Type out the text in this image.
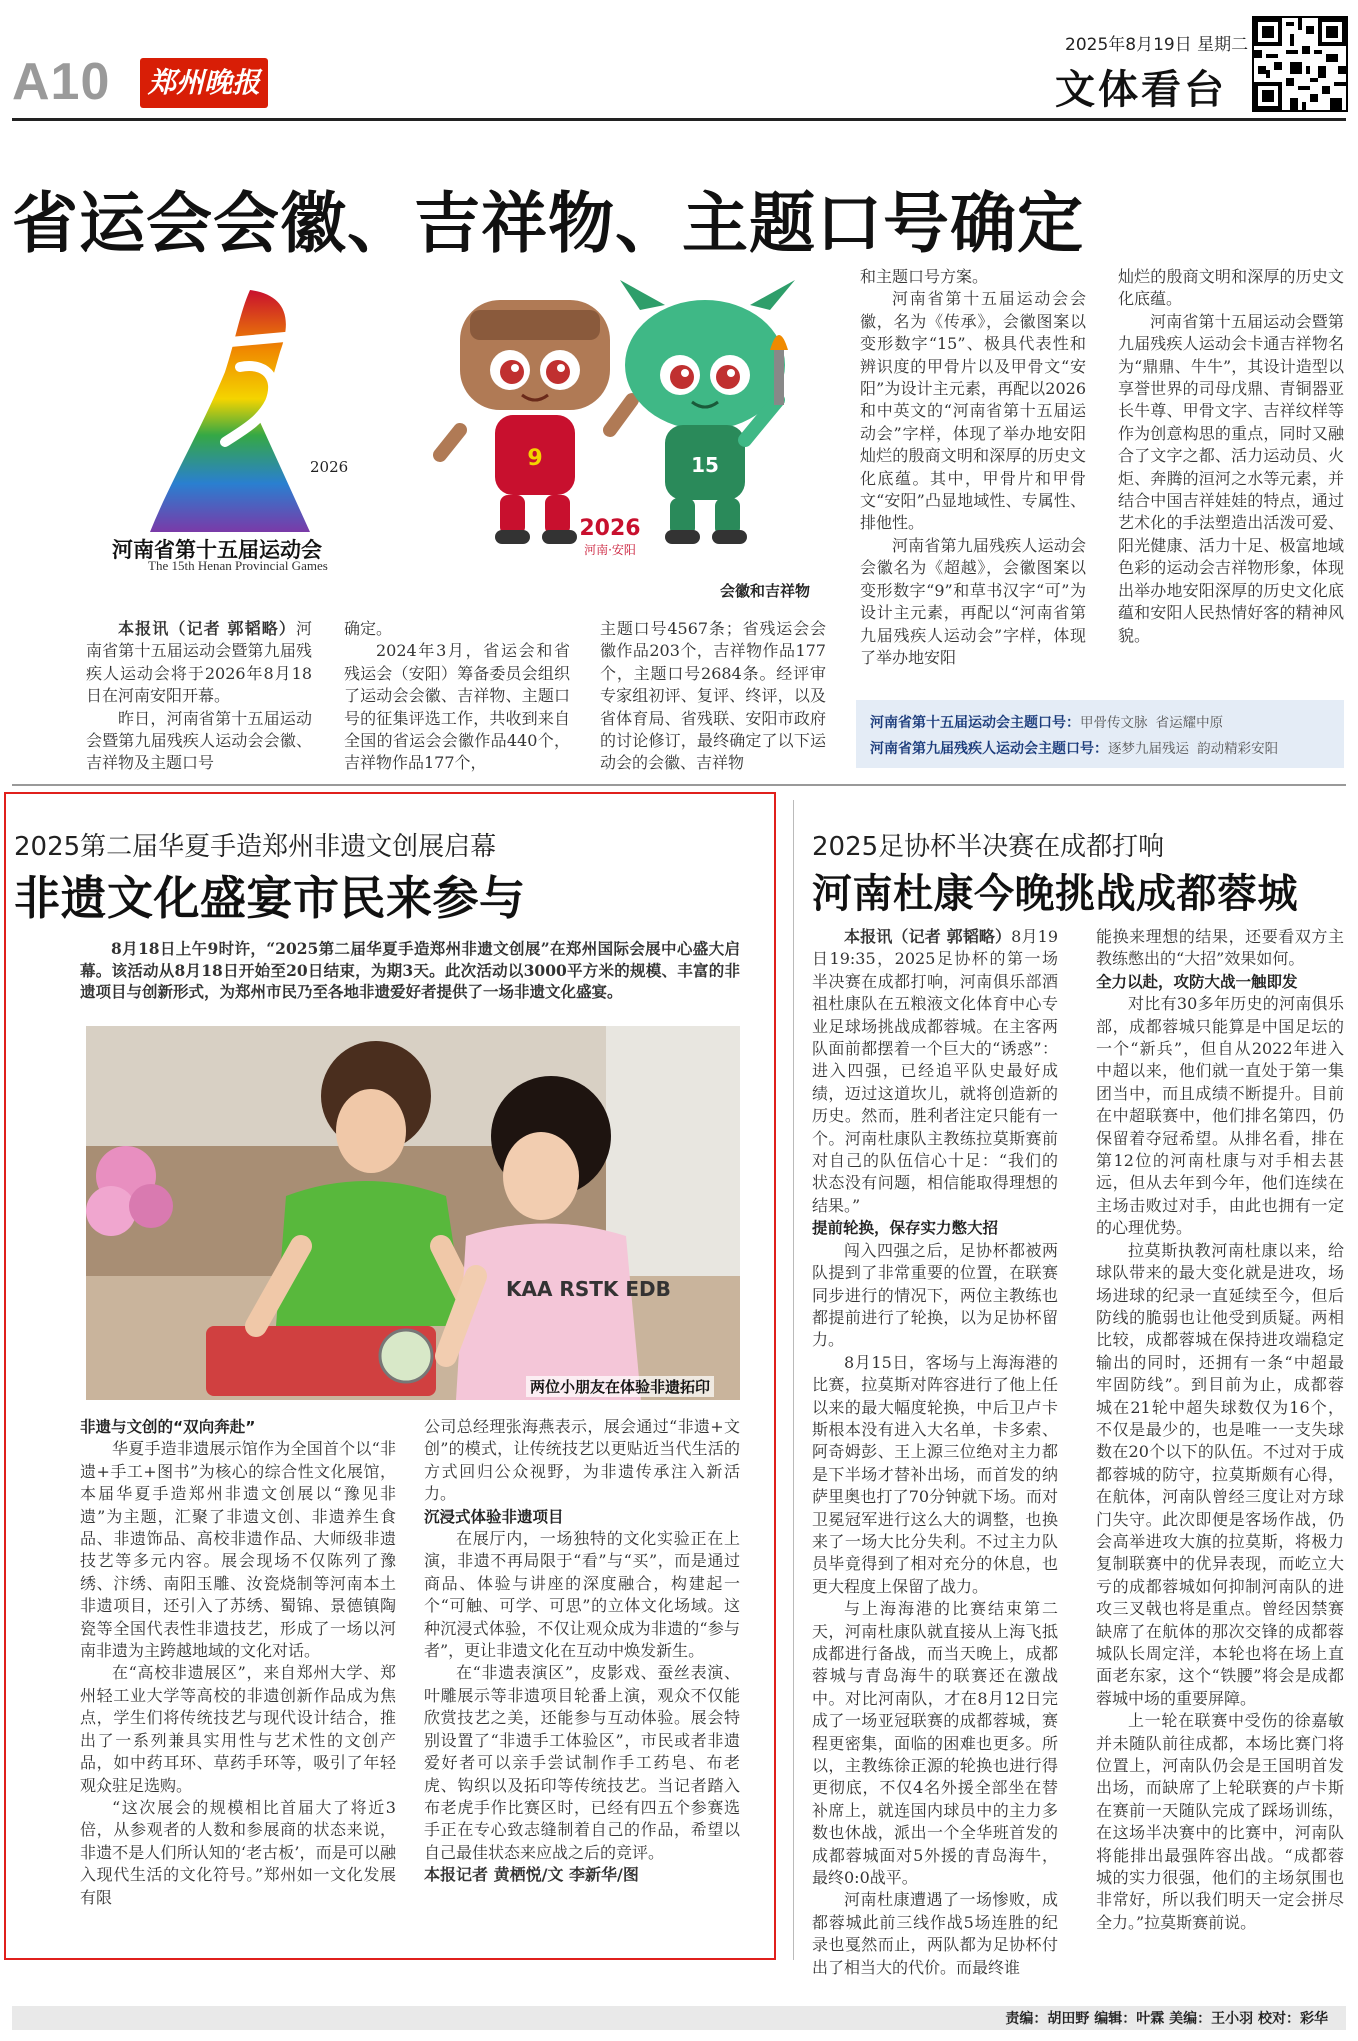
A10 郑州晚报
2025年8月19日 星期二
文体看台
省运会会徽、吉祥物、主题口号确定
2026
河南省第十五届运动会
The 15th Henan Provincial Games
9	15
2026
河南·安阳
会徽和吉祥物

本报讯（记者 郭韬略）河南省第十五届运动会暨第九届残疾人运动会将于2026年8月18日在河南安阳开幕。

昨日，河南省第十五届运动会暨第九届残疾人运动会会徽、吉祥物及主题口号

确定。

2024年3月，省运会和省残运会（安阳）筹备委员会组织了运动会会徽、吉祥物、主题口号的征集评选工作，共收到来自全国的省运会会徽作品440个，吉祥物作品177个，

主题口号4567条；省残运会会徽作品203个，吉祥物作品177个，主题口号2684条。经评审专家组初评、复评、终评，以及省体育局、省残联、安阳市政府的讨论修订，最终确定了以下运动会的会徽、吉祥物

和主题口号方案。

河南省第十五届运动会会徽，名为《传承》，会徽图案以变形数字“15”、极具代表性和辨识度的甲骨片以及甲骨文“安阳”为设计主元素，再配以2026和中英文的“河南省第十五届运动会”字样，体现了举办地安阳灿烂的殷商文明和深厚的历史文化底蕴。其中，甲骨片和甲骨文“安阳”凸显地域性、专属性、排他性。

河南省第九届残疾人运动会会徽名为《超越》，会徽图案以变形数字“9”和草书汉字“可”为设计主元素，再配以“河南省第九届残疾人运动会”字样，体现了举办地安阳

灿烂的殷商文明和深厚的历史文化底蕴。

河南省第十五届运动会暨第九届残疾人运动会卡通吉祥物名为“鼎鼎、牛牛”，其设计造型以享誉世界的司母戊鼎、青铜器亚长牛尊、甲骨文字、吉祥纹样等作为创意构思的重点，同时又融合了文字之都、活力运动员、火炬、奔腾的洹河之水等元素，并结合中国吉祥娃娃的特点，通过艺术化的手法塑造出活泼可爱、阳光健康、活力十足、极富地域色彩的运动会吉祥物形象，体现出举办地安阳深厚的历史文化底蕴和安阳人民热情好客的精神风貌。

河南省第十五届运动会主题口号：甲骨传文脉 省运耀中原
河南省第九届残疾人运动会主题口号：逐梦九届残运 韵动精彩安阳
2025第二届华夏手造郑州非遗文创展启幕
非遗文化盛宴市民来参与
8月18日上午9时许，“2025第二届华夏手造郑州非遗文创展”在郑州国际会展中心盛大启幕。该活动从8月18日开始至20日结束，为期3天。此次活动以3000平方米的规模、丰富的非遗项目与创新形式，为郑州市民乃至各地非遗爱好者提供了一场非遗文化盛宴。
KAA RSTK EDB
两位小朋友在体验非遗拓印

非遗与文创的“双向奔赴”

华夏手造非遗展示馆作为全国首个以“非遗+手工+图书”为核心的综合性文化展馆，本届华夏手造郑州非遗文创展以“豫见非遗”为主题，汇聚了非遗文创、非遗养生食品、非遗饰品、高校非遗作品、大师级非遗技艺等多元内容。展会现场不仅陈列了豫绣、汴绣、南阳玉雕、汝瓷烧制等河南本土非遗项目，还引入了苏绣、蜀锦、景德镇陶瓷等全国代表性非遗技艺，形成了一场以河南非遗为主跨越地域的文化对话。

在“高校非遗展区”，来自郑州大学、郑州轻工业大学等高校的非遗创新作品成为焦点，学生们将传统技艺与现代设计结合，推出了一系列兼具实用性与艺术性的文创产品，如中药耳环、草药手环等，吸引了年轻观众驻足选购。

“这次展会的规模相比首届大了将近3倍，从参观者的人数和参展商的状态来说，非遗不是人们所认知的‘老古板’，而是可以融入现代生活的文化符号。”郑州如一文化发展有限

公司总经理张海燕表示，展会通过“非遗+文创”的模式，让传统技艺以更贴近当代生活的方式回归公众视野，为非遗传承注入新活力。

沉浸式体验非遗项目

在展厅内，一场独特的文化实验正在上演，非遗不再局限于“看”与“买”，而是通过商品、体验与讲座的深度融合，构建起一个“可触、可学、可思”的立体文化场域。这种沉浸式体验，不仅让观众成为非遗的“参与者”，更让非遗文化在互动中焕发新生。

在“非遗表演区”，皮影戏、蚕丝表演、叶雕展示等非遗项目轮番上演，观众不仅能欣赏技艺之美，还能参与互动体验。展会特别设置了“非遗手工体验区”，市民或者非遗爱好者可以亲手尝试制作手工药皂、布老虎、钩织以及拓印等传统技艺。当记者踏入布老虎手作比赛区时，已经有四五个参赛选手正在专心致志缝制着自己的作品，希望以自己最佳状态来应战之后的竞评。

本报记者 黄栖悦/文 李新华/图

2025足协杯半决赛在成都打响
河南杜康今晚挑战成都蓉城

本报讯（记者 郭韬略）8月19日19:35，2025足协杯的第一场半决赛在成都打响，河南俱乐部酒祖杜康队在五粮液文化体育中心专业足球场挑战成都蓉城。在主客两队面前都摆着一个巨大的“诱惑”：进入四强，已经追平队史最好成绩，迈过这道坎儿，就将创造新的历史。然而，胜利者注定只能有一个。河南杜康队主教练拉莫斯赛前对自己的队伍信心十足：“我们的状态没有问题，相信能取得理想的结果。”

提前轮换，保存实力憋大招

闯入四强之后，足协杯都被两队提到了非常重要的位置，在联赛同步进行的情况下，两位主教练也都提前进行了轮换，以为足协杯留力。

8月15日，客场与上海海港的比赛，拉莫斯对阵容进行了他上任以来的最大幅度轮换，中后卫卢卡斯根本没有进入大名单，卡多索、阿奇姆彭、王上源三位绝对主力都是下半场才替补出场，而首发的纳萨里奥也打了70分钟就下场。而对卫冕冠军进行这么大的调整，也换来了一场大比分失利。不过主力队员毕竟得到了相对充分的休息，也更大程度上保留了战力。

与上海海港的比赛结束第二天，河南杜康队就直接从上海飞抵成都进行备战，而当天晚上，成都蓉城与青岛海牛的联赛还在激战中。对比河南队，才在8月12日完成了一场亚冠联赛的成都蓉城，赛程更密集，面临的困难也更多。所以，主教练徐正源的轮换也进行得更彻底，不仅4名外援全部坐在替补席上，就连国内球员中的主力多数也休战，派出一个全华班首发的成都蓉城面对5外援的青岛海牛，最终0:0战平。

河南杜康遭遇了一场惨败，成都蓉城此前三线作战5场连胜的纪录也戛然而止，两队都为足协杯付出了相当大的代价。而最终谁

能换来理想的结果，还要看双方主教练憋出的“大招”效果如何。

全力以赴，攻防大战一触即发

对比有30多年历史的河南俱乐部，成都蓉城只能算是中国足坛的一个“新兵”，但自从2022年进入中超以来，他们就一直处于第一集团当中，而且成绩不断提升。目前在中超联赛中，他们排名第四，仍保留着夺冠希望。从排名看，排在第12位的河南杜康与对手相去甚远，但从去年到今年，他们连续在主场击败过对手，由此也拥有一定的心理优势。

拉莫斯执教河南杜康以来，给球队带来的最大变化就是进攻，场场进球的纪录一直延续至今，但后防线的脆弱也让他受到质疑。两相比较，成都蓉城在保持进攻端稳定输出的同时，还拥有一条“中超最牢固防线”。到目前为止，成都蓉城在21轮中超失球数仅为16个，不仅是最少的，也是唯一一支失球数在20个以下的队伍。不过对于成都蓉城的防守，拉莫斯颇有心得，在航体，河南队曾经三度让对方球门失守。此次即便是客场作战，仍会高举进攻大旗的拉莫斯，将极力复制联赛中的优异表现，而屹立大亏的成都蓉城如何抑制河南队的进攻三叉戟也将是重点。曾经因禁赛缺席了在航体的那次交锋的成都蓉城队长周定洋，本轮也将在场上直面老东家，这个“铁腰”将会是成都蓉城中场的重要屏障。

上一轮在联赛中受伤的徐嘉敏并未随队前往成都，本场比赛门将位置上，河南队仍会是王国明首发出场，而缺席了上轮联赛的卢卡斯在赛前一天随队完成了踩场训练，在这场半决赛中的比赛中，河南队将能排出最强阵容出战。“成都蓉城的实力很强，他们的主场氛围也非常好，所以我们明天一定会拼尽全力。”拉莫斯赛前说。

责编：胡田野 编辑：叶霖 美编：王小羽 校对：彩华
